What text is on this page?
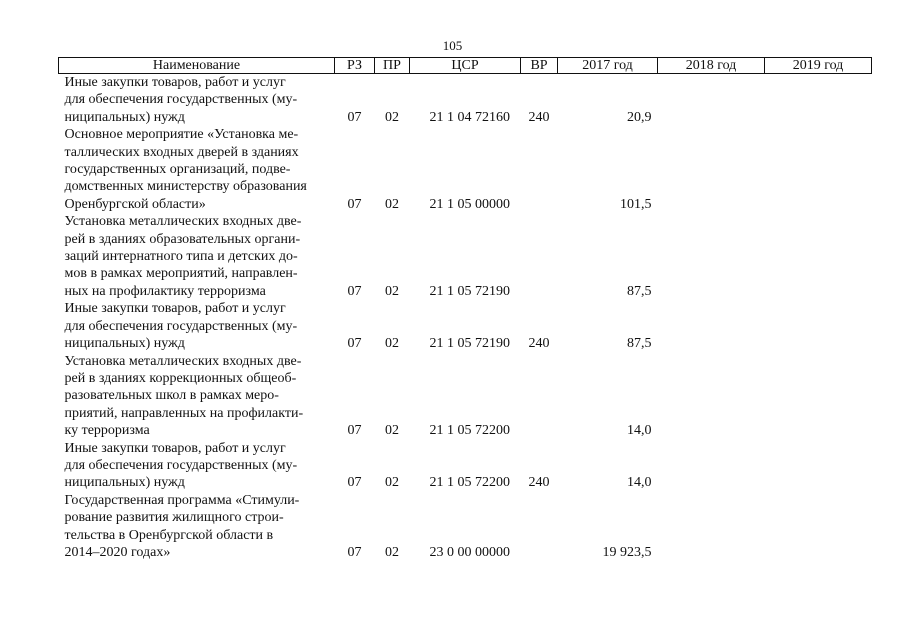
105
Наименование	РЗ	ПР	ЦСР	ВР	2017 год	2018 год	2019 год

Иные закупки товаров, работ и услуг
для обеспечения государственных (му-
ниципальных) нужд	07	02	21 1 04 72160	240	20,9		

Основное мероприятие «Установка ме-
таллических входных дверей в зданиях
государственных организаций, подве-
домственных министерству образования
Оренбургской области»	07	02	21 1 05 00000		101,5		

Установка металлических входных две-
рей в зданиях образовательных органи-
заций интернатного типа и детских до-
мов в рамках мероприятий, направлен-
ных на профилактику терроризма	07	02	21 1 05 72190		87,5		

Иные закупки товаров, работ и услуг
для обеспечения государственных (му-
ниципальных) нужд	07	02	21 1 05 72190	240	87,5		

Установка металлических входных две-
рей в зданиях коррекционных общеоб-
разовательных школ в рамках меро-
приятий, направленных на профилакти-
ку терроризма	07	02	21 1 05 72200		14,0		

Иные закупки товаров, работ и услуг
для обеспечения государственных (му-
ниципальных) нужд	07	02	21 1 05 72200	240	14,0		

Государственная программа «Стимули-
рование развития жилищного строи-
тельства в Оренбургской области в
2014–2020 годах»	07	02	23 0 00 00000		19 923,5		
